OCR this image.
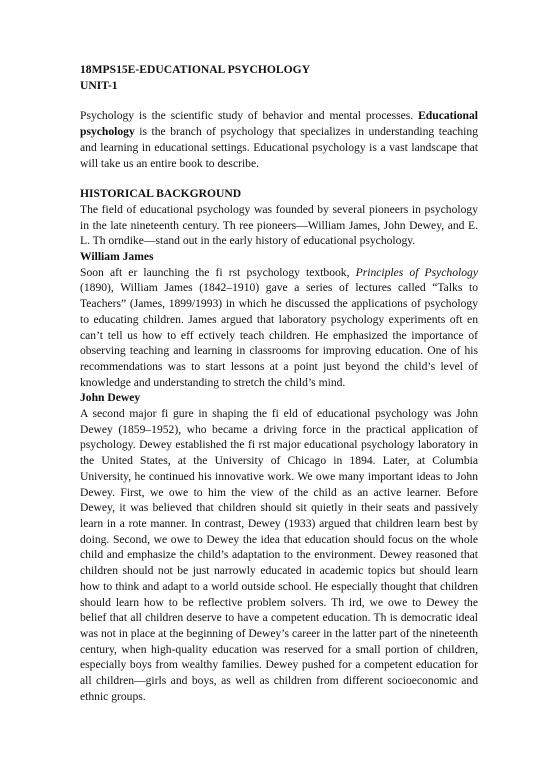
18MPS15E-EDUCATIONAL PSYCHOLOGY
UNIT-1

Psychology is the scientific study of behavior and mental processes. Educational psychology is the branch of psychology that specializes in understanding teaching and learning in educational settings. Educational psychology is a vast landscape that will take us an entire book to describe.

HISTORICAL BACKGROUND

The field of educational psychology was founded by several pioneers in psychology in the late nineteenth century. Th ree pioneers—William James, John Dewey, and E. L. Th orndike—stand out in the early history of educational psychology.

William James

Soon aft er launching the fi rst psychology textbook, Principles of Psychology (1890), William James (1842–1910) gave a series of lectures called “Talks to Teachers” (James, 1899/1993) in which he discussed the applications of psychology to educating children. James argued that laboratory psychology experiments oft en can’t tell us how to eff ectively teach children. He emphasized the importance of observing teaching and learning in classrooms for improving education. One of his recommendations was to start lessons at a point just beyond the child’s level of knowledge and understanding to stretch the child’s mind.

John Dewey

A second major fi gure in shaping the fi eld of educational psychology was John Dewey (1859–1952), who became a driving force in the practical application of psychology. Dewey established the fi rst major educational psychology laboratory in the United States, at the University of Chicago in 1894. Later, at Columbia University, he continued his innovative work. We owe many important ideas to John Dewey. First, we owe to him the view of the child as an active learner. Before Dewey, it was believed that children should sit quietly in their seats and passively learn in a rote manner. In contrast, Dewey (1933) argued that children learn best by doing. Second, we owe to Dewey the idea that education should focus on the whole child and emphasize the child’s adaptation to the environment. Dewey reasoned that children should not be just narrowly educated in academic topics but should learn how to think and adapt to a world outside school. He especially thought that children should learn how to be reflective problem solvers. Th ird, we owe to Dewey the belief that all children deserve to have a competent education. Th is democratic ideal was not in place at the beginning of Dewey’s career in the latter part of the nineteenth century, when high-quality education was reserved for a small portion of children, especially boys from wealthy families. Dewey pushed for a competent education for all children—girls and boys, as well as children from different socioeconomic and ethnic groups.
